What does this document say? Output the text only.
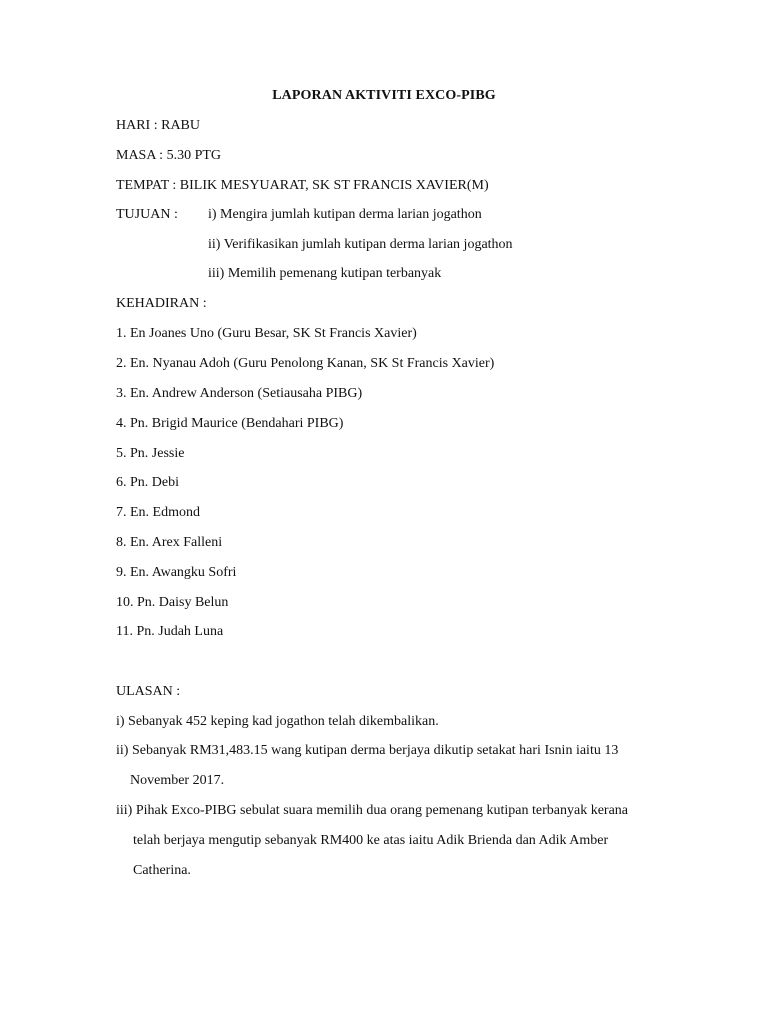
LAPORAN AKTIVITI EXCO-PIBG
HARI : RABU
MASA : 5.30 PTG
TEMPAT : BILIK MESYUARAT, SK ST FRANCIS XAVIER(M)
TUJUAN : i) Mengira jumlah kutipan derma larian jogathon
ii) Verifikasikan jumlah kutipan derma larian jogathon
iii) Memilih pemenang kutipan terbanyak
KEHADIRAN :
1. En Joanes Uno (Guru Besar, SK St Francis Xavier)
2. En. Nyanau Adoh (Guru Penolong Kanan, SK St Francis Xavier)
3. En. Andrew Anderson (Setiausaha PIBG)
4. Pn. Brigid Maurice (Bendahari PIBG)
5. Pn. Jessie
6. Pn. Debi
7. En. Edmond
8. En. Arex Falleni
9. En. Awangku Sofri
10. Pn. Daisy Belun
11. Pn. Judah Luna
ULASAN :
i) Sebanyak 452 keping kad jogathon telah dikembalikan.
ii) Sebanyak RM31,483.15 wang kutipan derma berjaya dikutip setakat hari Isnin iaitu 13
November 2017.
iii) Pihak Exco-PIBG sebulat suara memilih dua orang pemenang kutipan terbanyak kerana
telah berjaya mengutip sebanyak RM400 ke atas iaitu Adik Brienda dan Adik Amber
Catherina.
